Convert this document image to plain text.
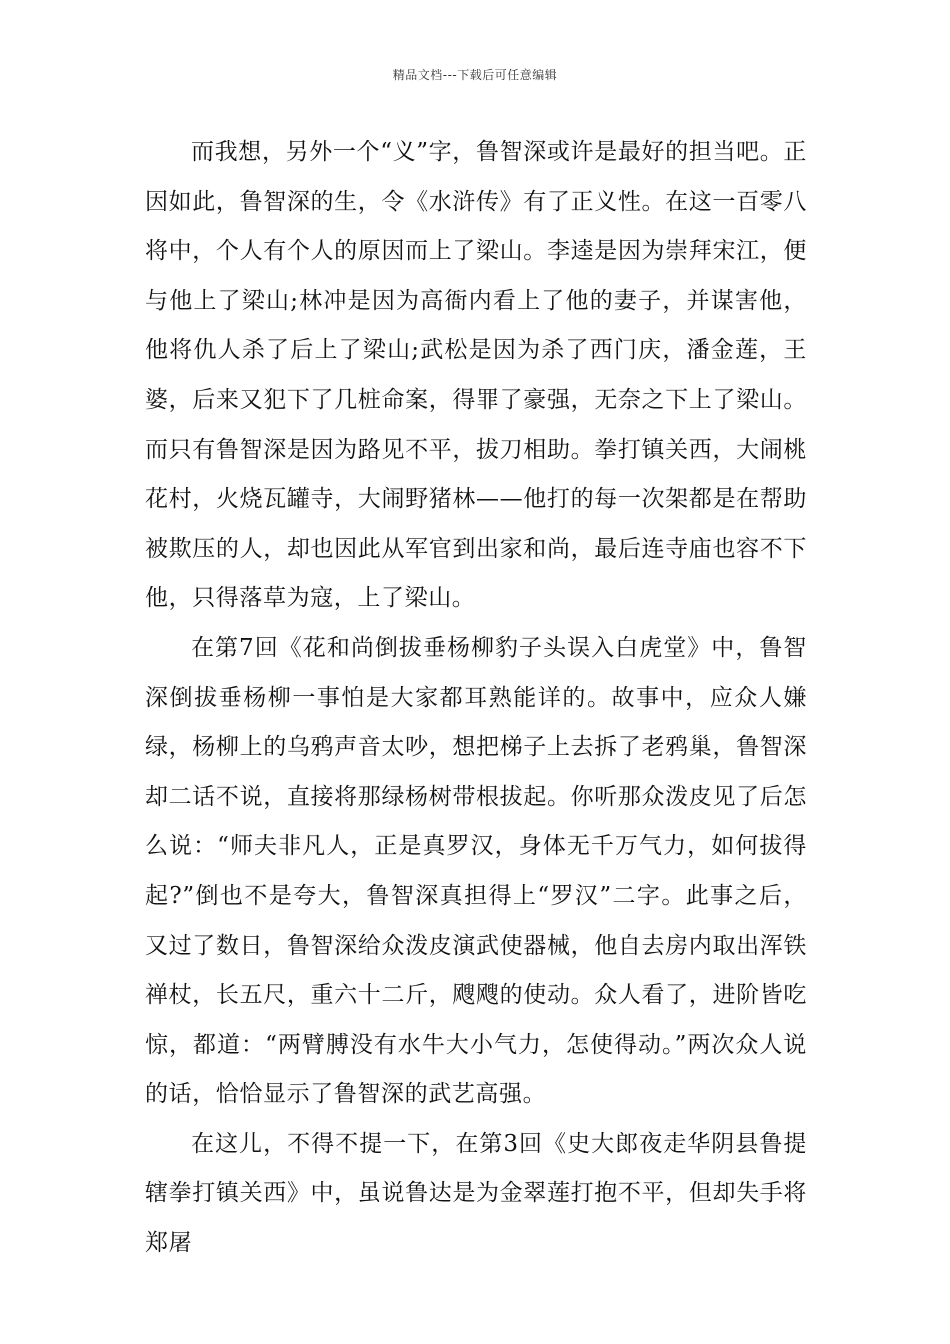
精品文档---下载后可任意编辑

而我想，另外一个“义”字，鲁智深或许是最好的担当吧。正因如此，鲁智深的生，令《水浒传》有了正义性。在这一百零八将中，个人有个人的原因而上了梁山。李逵是因为崇拜宋江，便与他上了梁山;林冲是因为高衙内看上了他的妻子，并谋害他，他将仇人杀了后上了梁山;武松是因为杀了西门庆，潘金莲，王婆，后来又犯下了几桩命案，得罪了豪强，无奈之下上了梁山。而只有鲁智深是因为路见不平，拔刀相助。拳打镇关西，大闹桃花村，火烧瓦罐寺，大闹野猪林——他打的每一次架都是在帮助被欺压的人，却也因此从军官到出家和尚，最后连寺庙也容不下他，只得落草为寇，上了梁山。

在第7回《花和尚倒拔垂杨柳豹子头误入白虎堂》中，鲁智深倒拔垂杨柳一事怕是大家都耳熟能详的。故事中，应众人嫌绿，杨柳上的乌鸦声音太吵，想把梯子上去拆了老鸦巢，鲁智深却二话不说，直接将那绿杨树带根拔起。你听那众泼皮见了后怎么说：“师夫非凡人，正是真罗汉，身体无千万气力，如何拔得起?”倒也不是夸大，鲁智深真担得上“罗汉”二字。此事之后，又过了数日，鲁智深给众泼皮演武使器械，他自去房内取出浑铁禅杖，长五尺，重六十二斤，飕飕的使动。众人看了，进阶皆吃惊，都道：“两臂膊没有水牛大小气力，怎使得动。”两次众人说的话，恰恰显示了鲁智深的武艺高强。

在这儿，不得不提一下，在第3回《史大郎夜走华阴县鲁提辖拳打镇关西》中，虽说鲁达是为金翠莲打抱不平，但却失手将郑屠
